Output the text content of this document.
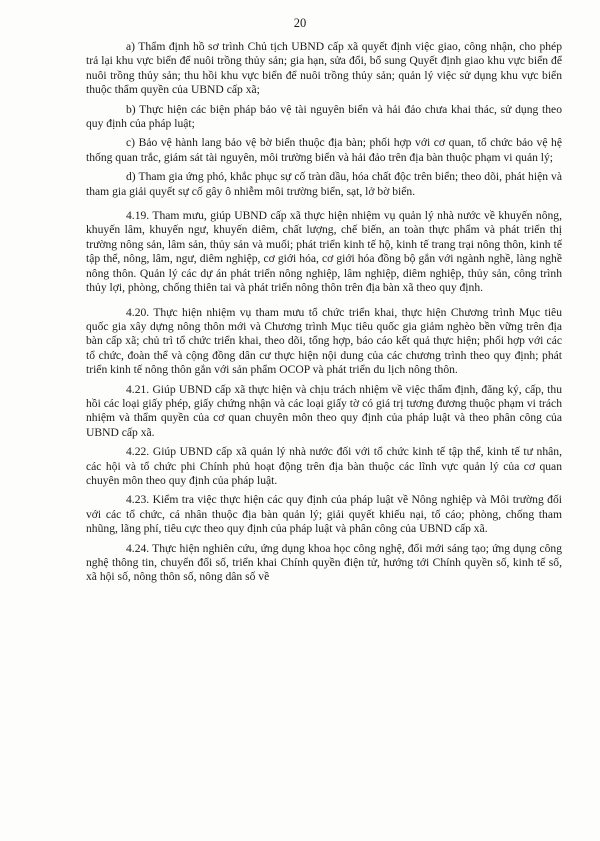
20

a) Thẩm định hồ sơ trình Chủ tịch UBND cấp xã quyết định việc giao, công nhận, cho phép trả lại khu vực biển để nuôi trồng thủy sản; gia hạn, sửa đổi, bổ sung Quyết định giao khu vực biển để nuôi trồng thủy sản; thu hồi khu vực biển để nuôi trồng thủy sản; quản lý việc sử dụng khu vực biển thuộc thẩm quyền của UBND cấp xã;

b) Thực hiện các biện pháp bảo vệ tài nguyên biển và hải đảo chưa khai thác, sử dụng theo quy định của pháp luật;

c) Bảo vệ hành lang bảo vệ bờ biển thuộc địa bàn; phối hợp với cơ quan, tổ chức bảo vệ hệ thống quan trắc, giám sát tài nguyên, môi trường biển và hải đảo trên địa bàn thuộc phạm vi quản lý;

d) Tham gia ứng phó, khắc phục sự cố tràn dầu, hóa chất độc trên biển; theo dõi, phát hiện và tham gia giải quyết sự cố gây ô nhiễm môi trường biển, sạt, lở bờ biển.

4.19. Tham mưu, giúp UBND cấp xã thực hiện nhiệm vụ quản lý nhà nước về khuyến nông, khuyến lâm, khuyến ngư, khuyến diêm, chất lượng, chế biến, an toàn thực phẩm và phát triển thị trường nông sản, lâm sản, thủy sản và muối; phát triển kinh tế hộ, kinh tế trang trại nông thôn, kinh tế tập thể, nông, lâm, ngư, diêm nghiệp, cơ giới hóa, cơ giới hóa đồng bộ gắn với ngành nghề, làng nghề nông thôn. Quản lý các dự án phát triển nông nghiệp, lâm nghiệp, diêm nghiệp, thủy sản, công trình thủy lợi, phòng, chống thiên tai và phát triển nông thôn trên địa bàn xã theo quy định.

4.20. Thực hiện nhiệm vụ tham mưu tổ chức triển khai, thực hiện Chương trình Mục tiêu quốc gia xây dựng nông thôn mới và Chương trình Mục tiêu quốc gia giảm nghèo bền vững trên địa bàn cấp xã; chủ trì tổ chức triển khai, theo dõi, tổng hợp, báo cáo kết quả thực hiện; phối hợp với các tổ chức, đoàn thể và cộng đồng dân cư thực hiện nội dung của các chương trình theo quy định; phát triển kinh tế nông thôn gắn với sản phẩm OCOP và phát triển du lịch nông thôn.

4.21. Giúp UBND cấp xã thực hiện và chịu trách nhiệm về việc thẩm định, đăng ký, cấp, thu hồi các loại giấy phép, giấy chứng nhận và các loại giấy tờ có giá trị tương đương thuộc phạm vi trách nhiệm và thẩm quyền của cơ quan chuyên môn theo quy định của pháp luật và theo phân công của UBND cấp xã.

4.22. Giúp UBND cấp xã quản lý nhà nước đối với tổ chức kinh tế tập thể, kinh tế tư nhân, các hội và tổ chức phi Chính phủ hoạt động trên địa bàn thuộc các lĩnh vực quản lý của cơ quan chuyên môn theo quy định của pháp luật.

4.23. Kiểm tra việc thực hiện các quy định của pháp luật về Nông nghiệp và Môi trường đối với các tổ chức, cá nhân thuộc địa bàn quản lý; giải quyết khiếu nại, tố cáo; phòng, chống tham nhũng, lãng phí, tiêu cực theo quy định của pháp luật và phân công của UBND cấp xã.

4.24. Thực hiện nghiên cứu, ứng dụng khoa học công nghệ, đổi mới sáng tạo; ứng dụng công nghệ thông tin, chuyển đổi số, triển khai Chính quyền điện tử, hướng tới Chính quyền số, kinh tế số, xã hội số, nông thôn số, nông dân số về
